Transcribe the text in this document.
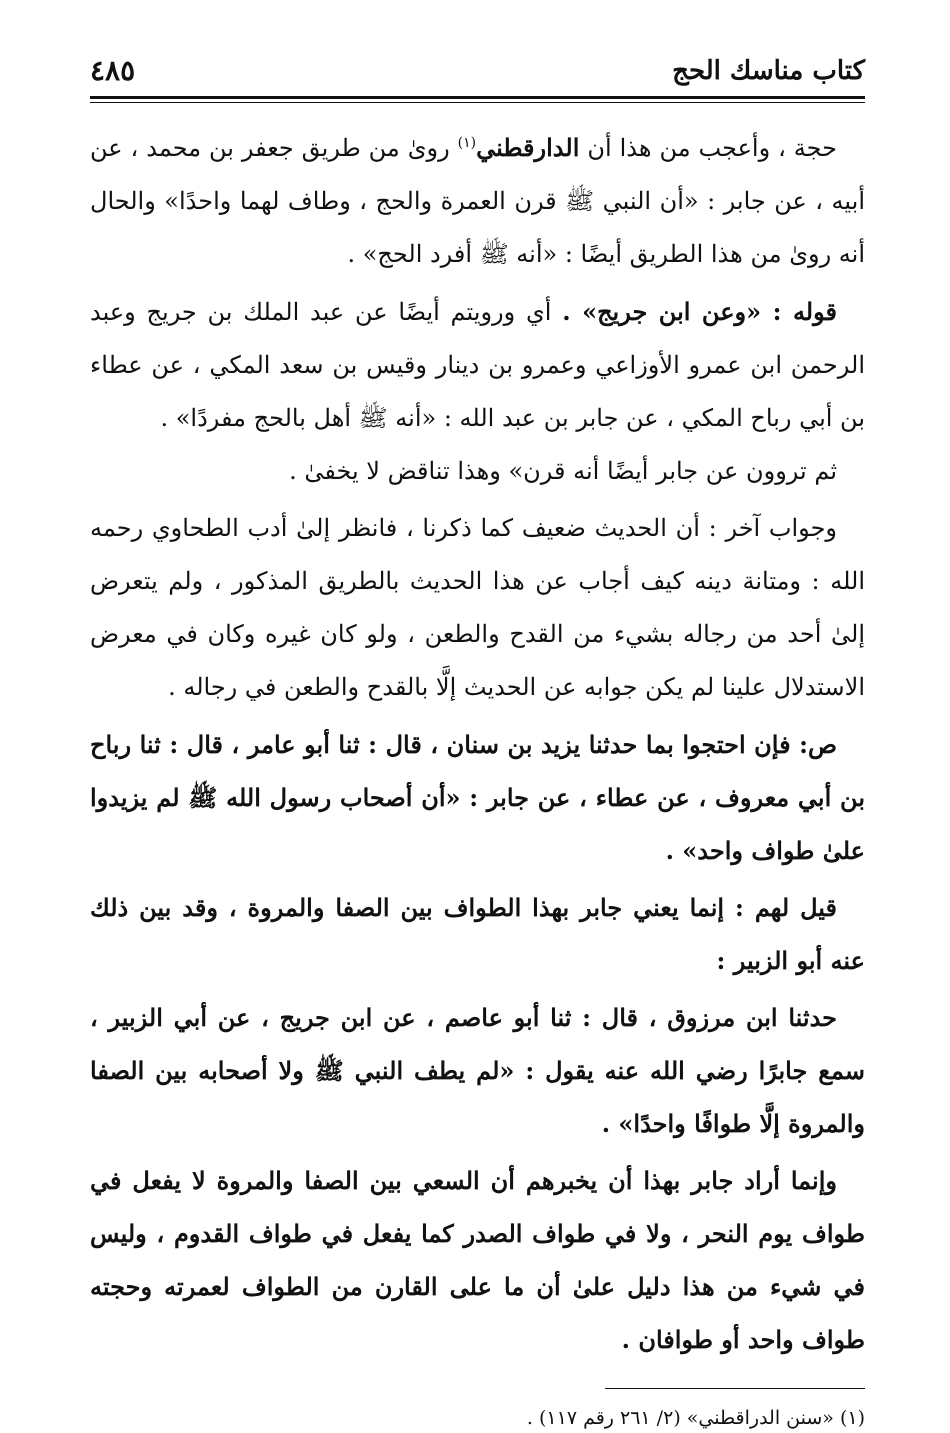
كتاب مناسك الحج
٤٨٥

حجة ، وأعجب من هذا أن الدارقطني$^{(١)}$ روىٰ من طريق جعفر بن محمد ، عن أبيه ، عن جابر : «أن النبي ﷺ قرن العمرة والحج ، وطاف لهما واحدًا» والحال أنه روىٰ من هذا الطريق أيضًا : «أنه ﷺ أفرد الحج» .

قوله : «وعن ابن جريج» . أي ورويتم أيضًا عن عبد الملك بن جريج وعبد الرحمن ابن عمرو الأوزاعي وعمرو بن دينار وقيس بن سعد المكي ، عن عطاء بن أبي رباح المكي ، عن جابر بن عبد الله : «أنه ﷺ أهل بالحج مفردًا» .

ثم تروون عن جابر أيضًا أنه قرن» وهذا تناقض لا يخفىٰ .

وجواب آخر : أن الحديث ضعيف كما ذكرنا ، فانظر إلىٰ أدب الطحاوي رحمه الله : ومتانة دينه كيف أجاب عن هذا الحديث بالطريق المذكور ، ولم يتعرض إلىٰ أحد من رجاله بشيء من القدح والطعن ، ولو كان غيره وكان في معرض الاستدلال علينا لم يكن جوابه عن الحديث إلَّا بالقدح والطعن في رجاله .

ص: فإن احتجوا بما حدثنا يزيد بن سنان ، قال : ثنا أبو عامر ، قال : ثنا رباح بن أبي معروف ، عن عطاء ، عن جابر : «أن أصحاب رسول الله ﷺ لم يزيدوا علىٰ طواف واحد» .

قيل لهم : إنما يعني جابر بهذا الطواف بين الصفا والمروة ، وقد بين ذلك عنه أبو الزبير :

حدثنا ابن مرزوق ، قال : ثنا أبو عاصم ، عن ابن جريج ، عن أبي الزبير ، سمع جابرًا رضي الله عنه يقول : «لم يطف النبي ﷺ ولا أصحابه بين الصفا والمروة إلَّا طوافًا واحدًا» .

وإنما أراد جابر بهذا أن يخبرهم أن السعي بين الصفا والمروة لا يفعل في طواف يوم النحر ، ولا في طواف الصدر كما يفعل في طواف القدوم ، وليس في شيء من هذا دليل علىٰ أن ما على القارن من الطواف لعمرته وحجته طواف واحد أو طوافان .

(١) «سنن الدراقطني» (٢/ ٢٦١ رقم ١١٧) .
